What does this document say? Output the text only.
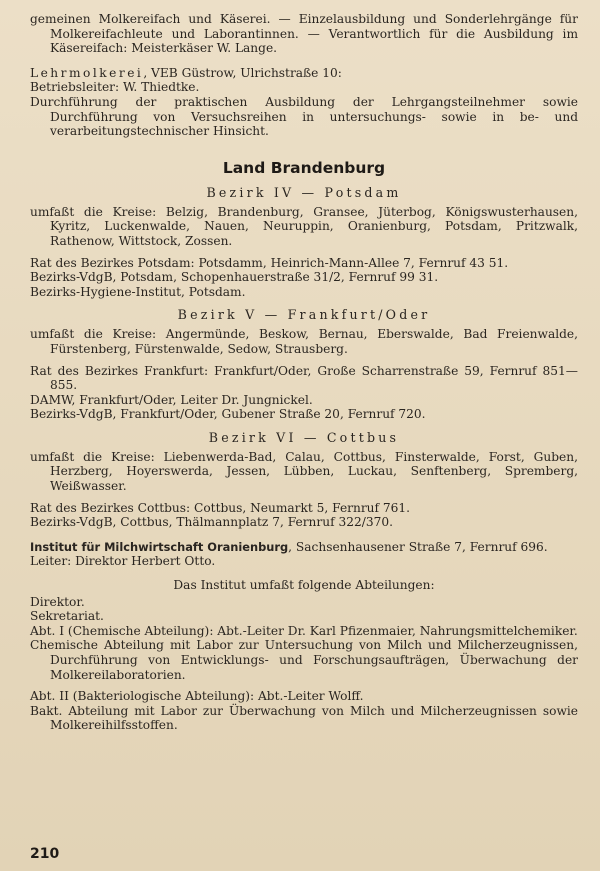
gemeinen Molkereifach und Käserei. — Einzelausbildung und Sonderlehrgänge für Molkereifachleute und Laborantinnen. — Verantwortlich für die Ausbildung im Käsereifach: Meisterkäser W. Lange.

Lehrmolkerei, VEB Güstrow, Ulrichstraße 10:

Betriebsleiter: W. Thiedtke.

Durchführung der praktischen Ausbildung der Lehrgangsteilnehmer sowie Durchführung von Versuchsreihen in untersuchungs- sowie in be- und verarbeitungstechnischer Hinsicht.

Land Brandenburg
Bezirk IV — Potsdam

umfaßt die Kreise: Belzig, Brandenburg, Gransee, Jüterbog, Königswusterhausen, Kyritz, Luckenwalde, Nauen, Neuruppin, Oranienburg, Potsdam, Pritzwalk, Rathenow, Wittstock, Zossen.

Rat des Bezirkes Potsdam: Potsdamm, Heinrich-Mann-Allee 7, Fernruf 43 51.

Bezirks-VdgB, Potsdam, Schopenhauerstraße 31/2, Fernruf 99 31.

Bezirks-Hygiene-Institut, Potsdam.

Bezirk V — Frankfurt/Oder

umfaßt die Kreise: Angermünde, Beskow, Bernau, Eberswalde, Bad Freienwalde, Fürstenberg, Fürstenwalde, Sedow, Strausberg.

Rat des Bezirkes Frankfurt: Frankfurt/Oder, Große Scharrenstraße 59, Fernruf 851—855.

DAMW, Frankfurt/Oder, Leiter Dr. Jungnickel.

Bezirks-VdgB, Frankfurt/Oder, Gubener Straße 20, Fernruf 720.

Bezirk VI — Cottbus

umfaßt die Kreise: Liebenwerda-Bad, Calau, Cottbus, Finsterwalde, Forst, Guben, Herzberg, Hoyerswerda, Jessen, Lübben, Luckau, Senftenberg, Spremberg, Weißwasser.

Rat des Bezirkes Cottbus: Cottbus, Neumarkt 5, Fernruf 761.

Bezirks-VdgB, Cottbus, Thälmannplatz 7, Fernruf 322/370.

Institut für Milchwirtschaft Oranienburg, Sachsenhausener Straße 7, Fernruf 696.

Leiter: Direktor Herbert Otto.

Das Institut umfaßt folgende Abteilungen:

Direktor.

Sekretariat.

Abt. I (Chemische Abteilung): Abt.-Leiter Dr. Karl Pfizenmaier, Nahrungsmittelchemiker.

Chemische Abteilung mit Labor zur Untersuchung von Milch und Milcherzeugnissen, Durchführung von Entwicklungs- und Forschungsaufträgen, Überwachung der Molkereilaboratorien.

Abt. II (Bakteriologische Abteilung): Abt.-Leiter Wolff.

Bakt. Abteilung mit Labor zur Überwachung von Milch und Milcherzeugnissen sowie Molkereihilfsstoffen.

210
